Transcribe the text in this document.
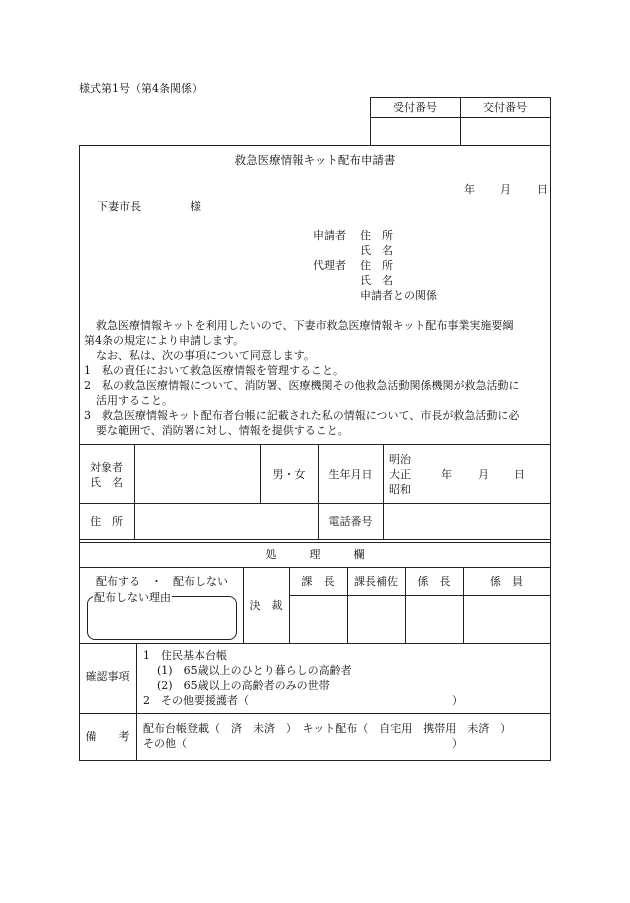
様式第1号（第4条関係）
受付番号	交付番号
救急医療情報キット配布申請書
年 月 日
下妻市長	様
申請者 住　所
氏　名
代理者 住　所
氏　名
申請者との関係
救急医療情報キットを利用したいので、下妻市救急医療情報キット配布事業実施要綱
第4条の規定により申請します。
なお、私は、次の事項について同意します。
1　私の責任において救急医療情報を管理すること。
2　私の救急医療情報について、消防署、医療機関その他救急活動関係機関が救急活動に
活用すること。
3　救急医療情報キット配布者台帳に記載された私の情報について、市長が救急活動に必
要な範囲で、消防署に対し、情報を提供すること。
対象者
氏　名
男・女	生年月日
明治
大正
昭和
年 月 日
住　所	電話番号
処　　　理　　　欄
配布する　・　配布しない
配布しない理由
決　裁
課　長	課長補佐	係　長	係　員
確認事項
1　住民基本台帳
(1)　65歳以上のひとり暮らしの高齢者
(2)　65歳以上の高齢者のみの世帯
2　その他要援護者（	）
備　　考
配布台帳登載（　済　未済　）　キット配布（　自宅用　携帯用　未済　）
その他（	）
